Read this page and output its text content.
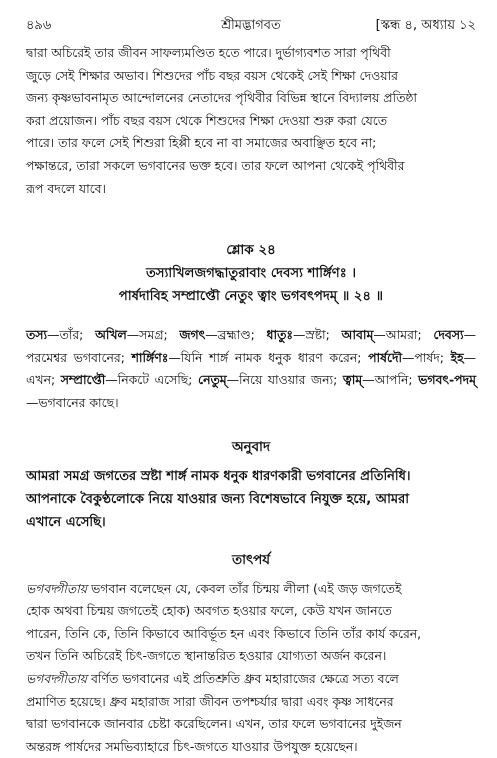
৪৯৬	শ্রীমদ্ভাগবত	[স্কন্ধ ৪, অধ্যায় ১২
দ্বারা অচিরেই তার জীবন সাফল্যমণ্ডিত হতে পারে। দুর্ভাগ্যবশত সারা পৃথিবী
জুড়ে সেই শিক্ষার অভাব। শিশুদের পাঁচ বছর বয়স থেকেই সেই শিক্ষা দেওয়ার
জন্য কৃষ্ণভাবনামৃত আন্দোলনের নেতাদের পৃথিবীর বিভিন্ন স্থানে বিদ্যালয় প্রতিষ্ঠা
করা প্রয়োজন। পাঁচ বছর বয়স থেকে শিশুদের শিক্ষা দেওয়া শুরু করা যেতে
পারে। তার ফলে সেই শিশুরা হিপ্পী হবে না বা সমাজের অবাঞ্ছিত হবে না;
পক্ষান্তরে, তারা সকলে ভগবানের ভক্ত হবে। তার ফলে আপনা থেকেই পৃথিবীর
রূপ বদলে যাবে।
শ্লোক ২৪
তস্যাখিলজগদ্ধাতুরাবাং দেবস্য শার্ঙ্গিণঃ ।
পার্ষদাবিহ সম্প্রাপ্তৌ নেতুং ত্বাং ভগবৎপদম্ ॥ ২৪ ॥
তস্য—তাঁর; অখিল—সমগ্র; জগৎ—ব্রহ্মাণ্ড; ধাতুঃ—স্রষ্টা; আবাম্—আমরা; দেবস্য—পরমেশ্বর ভগবানের; শার্ঙ্গিণঃ—যিনি শার্ঙ্গ নামক ধনুক ধারণ করেন; পার্ষদৌ—পার্ষদ; ইহ—এখন; সম্প্রাপ্তৌ—নিকটে এসেছি; নেতুম্—নিয়ে যাওয়ার জন্য; ত্বাম্—আপনি; ভগবৎ-পদম্—ভগবানের কাছে।
অনুবাদ
আমরা সমগ্র জগতের স্রষ্টা শার্ঙ্গ নামক ধনুক ধারণকারী ভগবানের প্রতিনিধি।
আপনাকে বৈকুণ্ঠলোকে নিয়ে যাওয়ার জন্য বিশেষভাবে নিযুক্ত হয়ে, আমরা
এখানে এসেছি।
তাৎপর্য
ভগবদ্গীতায় ভগবান বলেছেন যে, কেবল তাঁর চিন্ময় লীলা (এই জড় জগতেই
হোক অথবা চিন্ময় জগতেই হোক) অবগত হওয়ার ফলে, কেউ যখন জানতে
পারেন, তিনি কে, তিনি কিভাবে আবির্ভূত হন এবং কিভাবে তিনি তাঁর কার্য করেন,
তখন তিনি অচিরেই চিৎ-জগতে স্থানান্তরিত হওয়ার যোগ্যতা অর্জন করেন।
ভগবদ্গীতায় বর্ণিত ভগবানের এই প্রতিশ্রুতি ধ্রুব মহারাজের ক্ষেত্রে সত্য বলে
প্রমাণিত হয়েছে। ধ্রুব মহারাজ সারা জীবন তপশ্চর্যার দ্বারা এবং কৃষ্ণ সাধনের
দ্বারা ভগবানকে জানবার চেষ্টা করেছিলেন। এখন, তার ফলে ভগবানের দুইজন
অন্তরঙ্গ পার্ষদের সমভিব্যাহারে চিৎ-জগতে যাওয়ার উপযুক্ত হয়েছেন।
